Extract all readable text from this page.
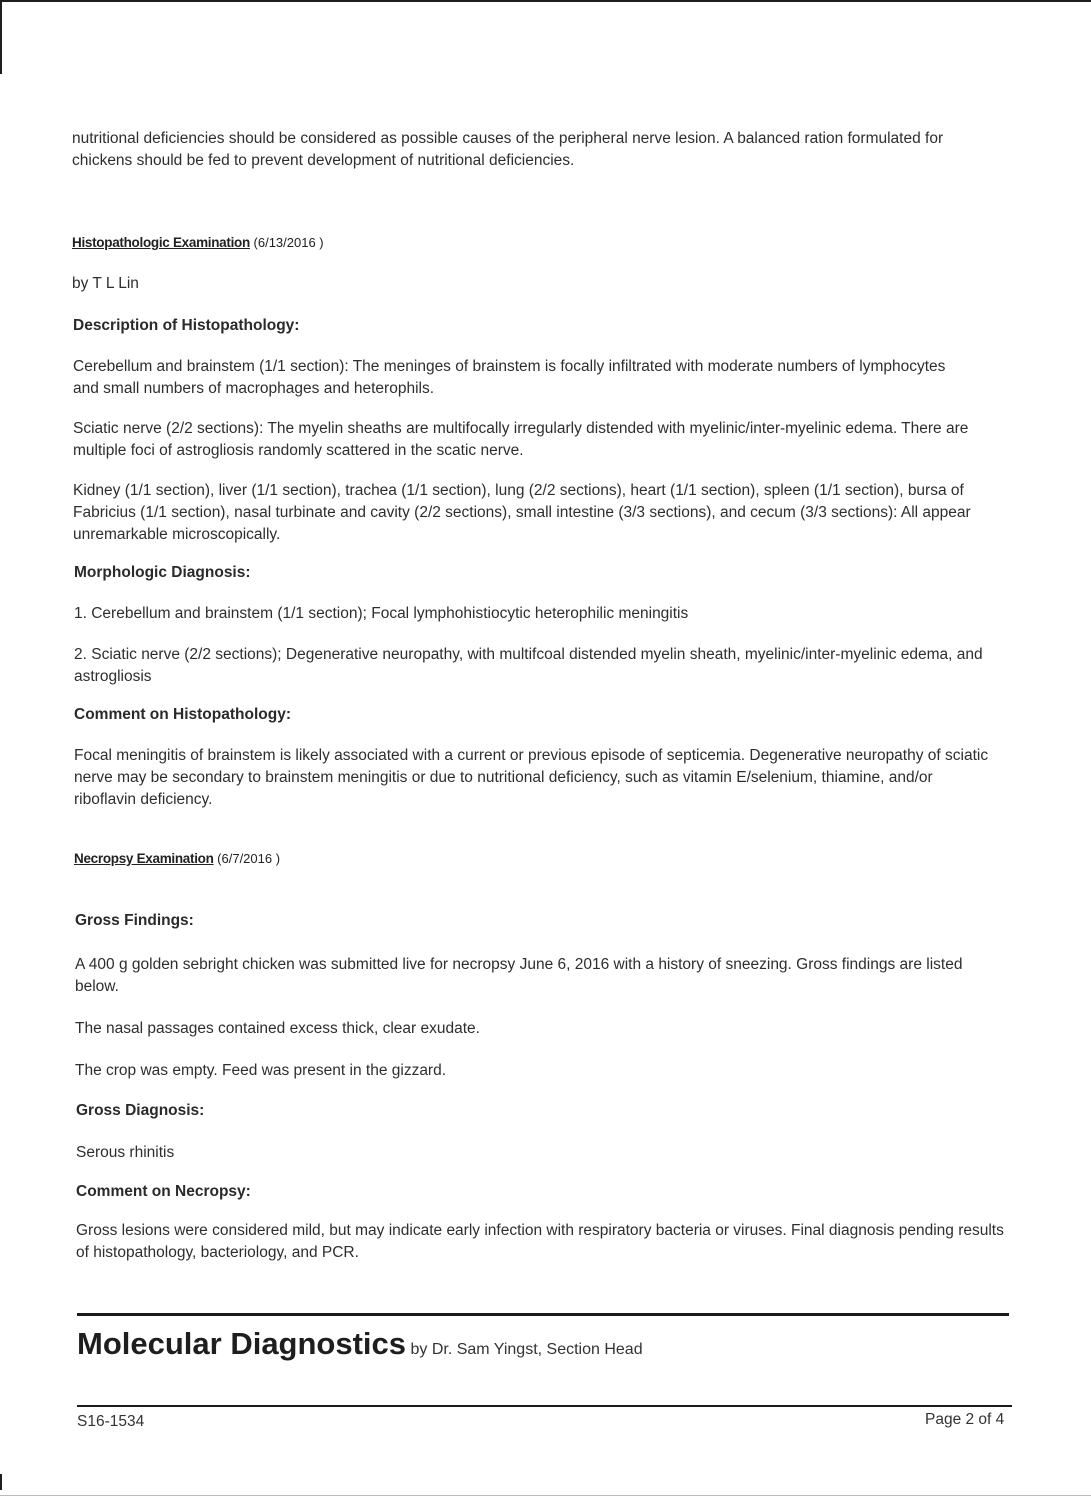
nutritional deficiencies should be considered as possible causes of the peripheral nerve lesion. A balanced ration formulated for chickens should be fed to prevent development of nutritional deficiencies.

Histopathologic Examination (6/13/2016 )

by T L Lin

Description of Histopathology:

Cerebellum and brainstem (1/1 section): The meninges of brainstem is focally infiltrated with moderate numbers of lymphocytes and small numbers of macrophages and heterophils.

Sciatic nerve (2/2 sections): The myelin sheaths are multifocally irregularly distended with myelinic/inter-myelinic edema. There are multiple foci of astrogliosis randomly scattered in the scatic nerve.

Kidney (1/1 section), liver (1/1 section), trachea (1/1 section), lung (2/2 sections), heart (1/1 section), spleen (1/1 section), bursa of Fabricius (1/1 section), nasal turbinate and cavity (2/2 sections), small intestine (3/3 sections), and cecum (3/3 sections): All appear unremarkable microscopically.

Morphologic Diagnosis:

1. Cerebellum and brainstem (1/1 section); Focal lymphohistiocytic heterophilic meningitis

2. Sciatic nerve (2/2 sections); Degenerative neuropathy, with multifcoal distended myelin sheath, myelinic/inter-myelinic edema, and astrogliosis

Comment on Histopathology:

Focal meningitis of brainstem is likely associated with a current or previous episode of septicemia. Degenerative neuropathy of sciatic nerve may be secondary to brainstem meningitis or due to nutritional deficiency, such as vitamin E/selenium, thiamine, and/or riboflavin deficiency.

Necropsy Examination (6/7/2016 )

Gross Findings:

A 400 g golden sebright chicken was submitted live for necropsy June 6, 2016 with a history of sneezing. Gross findings are listed below.

The nasal passages contained excess thick, clear exudate.

The crop was empty. Feed was present in the gizzard.

Gross Diagnosis:

Serous rhinitis

Comment on Necropsy:

Gross lesions were considered mild, but may indicate early infection with respiratory bacteria or viruses. Final diagnosis pending results of histopathology, bacteriology, and PCR.

Molecular Diagnostics by Dr. Sam Yingst, Section Head

S16-1534	Page 2 of 4
